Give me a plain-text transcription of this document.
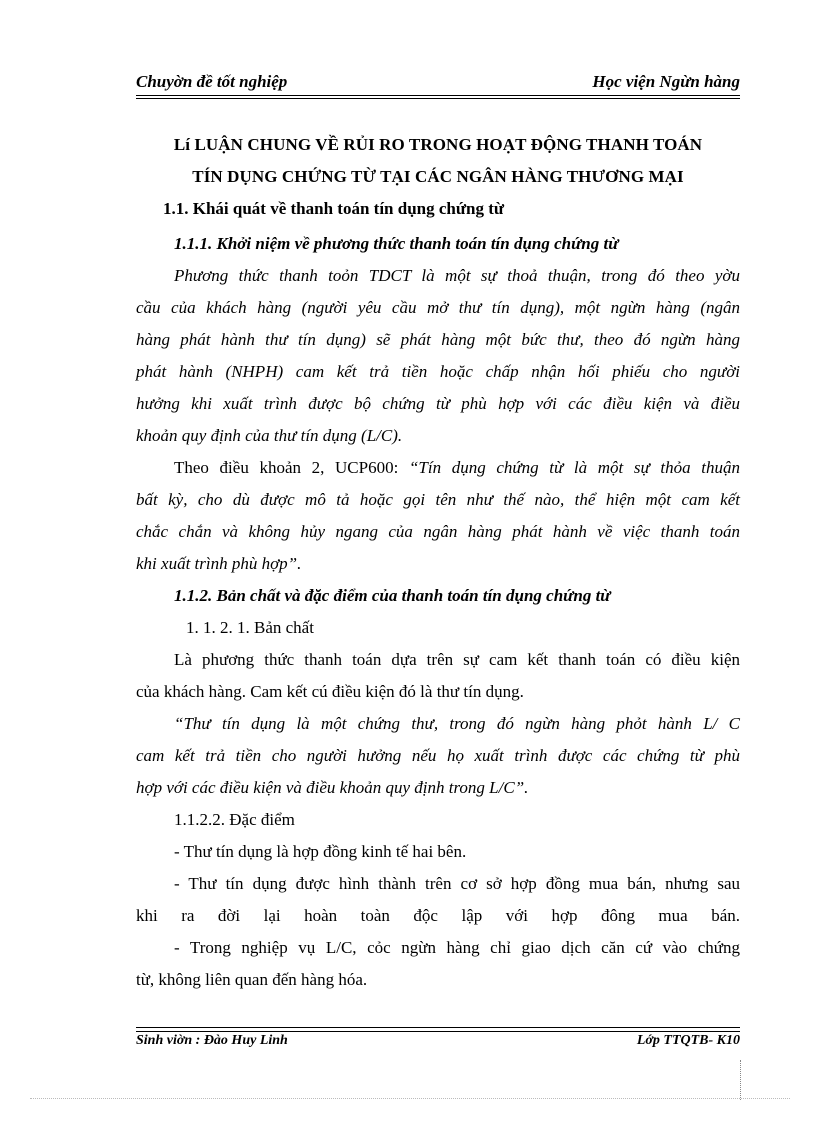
Chuyờn đề tốt nghiệp	Học viện Ngừn hàng
Lí LUẬN CHUNG VỀ RỦI RO TRONG HOẠT ĐỘNG THANH TOÁN
TÍN DỤNG CHỨNG TỪ TẠI CÁC NGÂN HÀNG THƯƠNG MẠI
1.1. Khái quát về thanh toán tín dụng chứng từ
1.1.1. Khởi niệm về phương thức thanh toán tín dụng chứng từ
Phương thức thanh toỏn TDCT là một sự thoả thuận, trong đó theo yờu
cầu của khách hàng (người yêu cầu mở thư tín dụng), một ngừn hàng (ngân
hàng phát hành thư tín dụng) sẽ phát hàng một bức thư, theo đó ngừn hàng
phát hành (NHPH) cam kết trả tiền hoặc chấp nhận hối phiếu cho người
hưởng khi xuất trình được bộ chứng từ phù hợp với các điều kiện và điều
khoản quy định của thư tín dụng (L/C).
Theo điều khoản 2, UCP600: “Tín dụng chứng từ là một sự thỏa thuận
bất kỳ, cho dù được mô tả hoặc gọi tên như thế nào, thể hiện một cam kết
chắc chắn và không hủy ngang của ngân hàng phát hành về việc thanh toán
khi xuất trình phù hợp”.
1.1.2. Bản chất và đặc điểm của thanh toán tín dụng chứng từ
1. 1. 2. 1. Bản chất
Là phương thức thanh toán dựa trên sự cam kết thanh toán có điều kiện
của khách hàng. Cam kết cú điều kiện đó là thư tín dụng.
“Thư tín dụng là một chứng thư, trong đó ngừn hàng phỏt hành L/ C
cam kết trả tiền cho người hưởng nếu họ xuất trình được các chứng từ phù
hợp với các điều kiện và điều khoản quy định trong L/C”.
1.1.2.2. Đặc điểm
- Thư tín dụng là hợp đồng kinh tế hai bên.
- Thư tín dụng được hình thành trên cơ sở hợp đồng mua bán, nhưng sau
khi ra đời lại hoàn toàn độc lập với hợp đông mua bán.
- Trong nghiệp vụ L/C, cỏc ngừn hàng chỉ giao dịch căn cứ vào chứng
từ, không liên quan đến hàng hóa.
Sinh viờn : Đào Huy Linh	Lớp TTQTB- K10
